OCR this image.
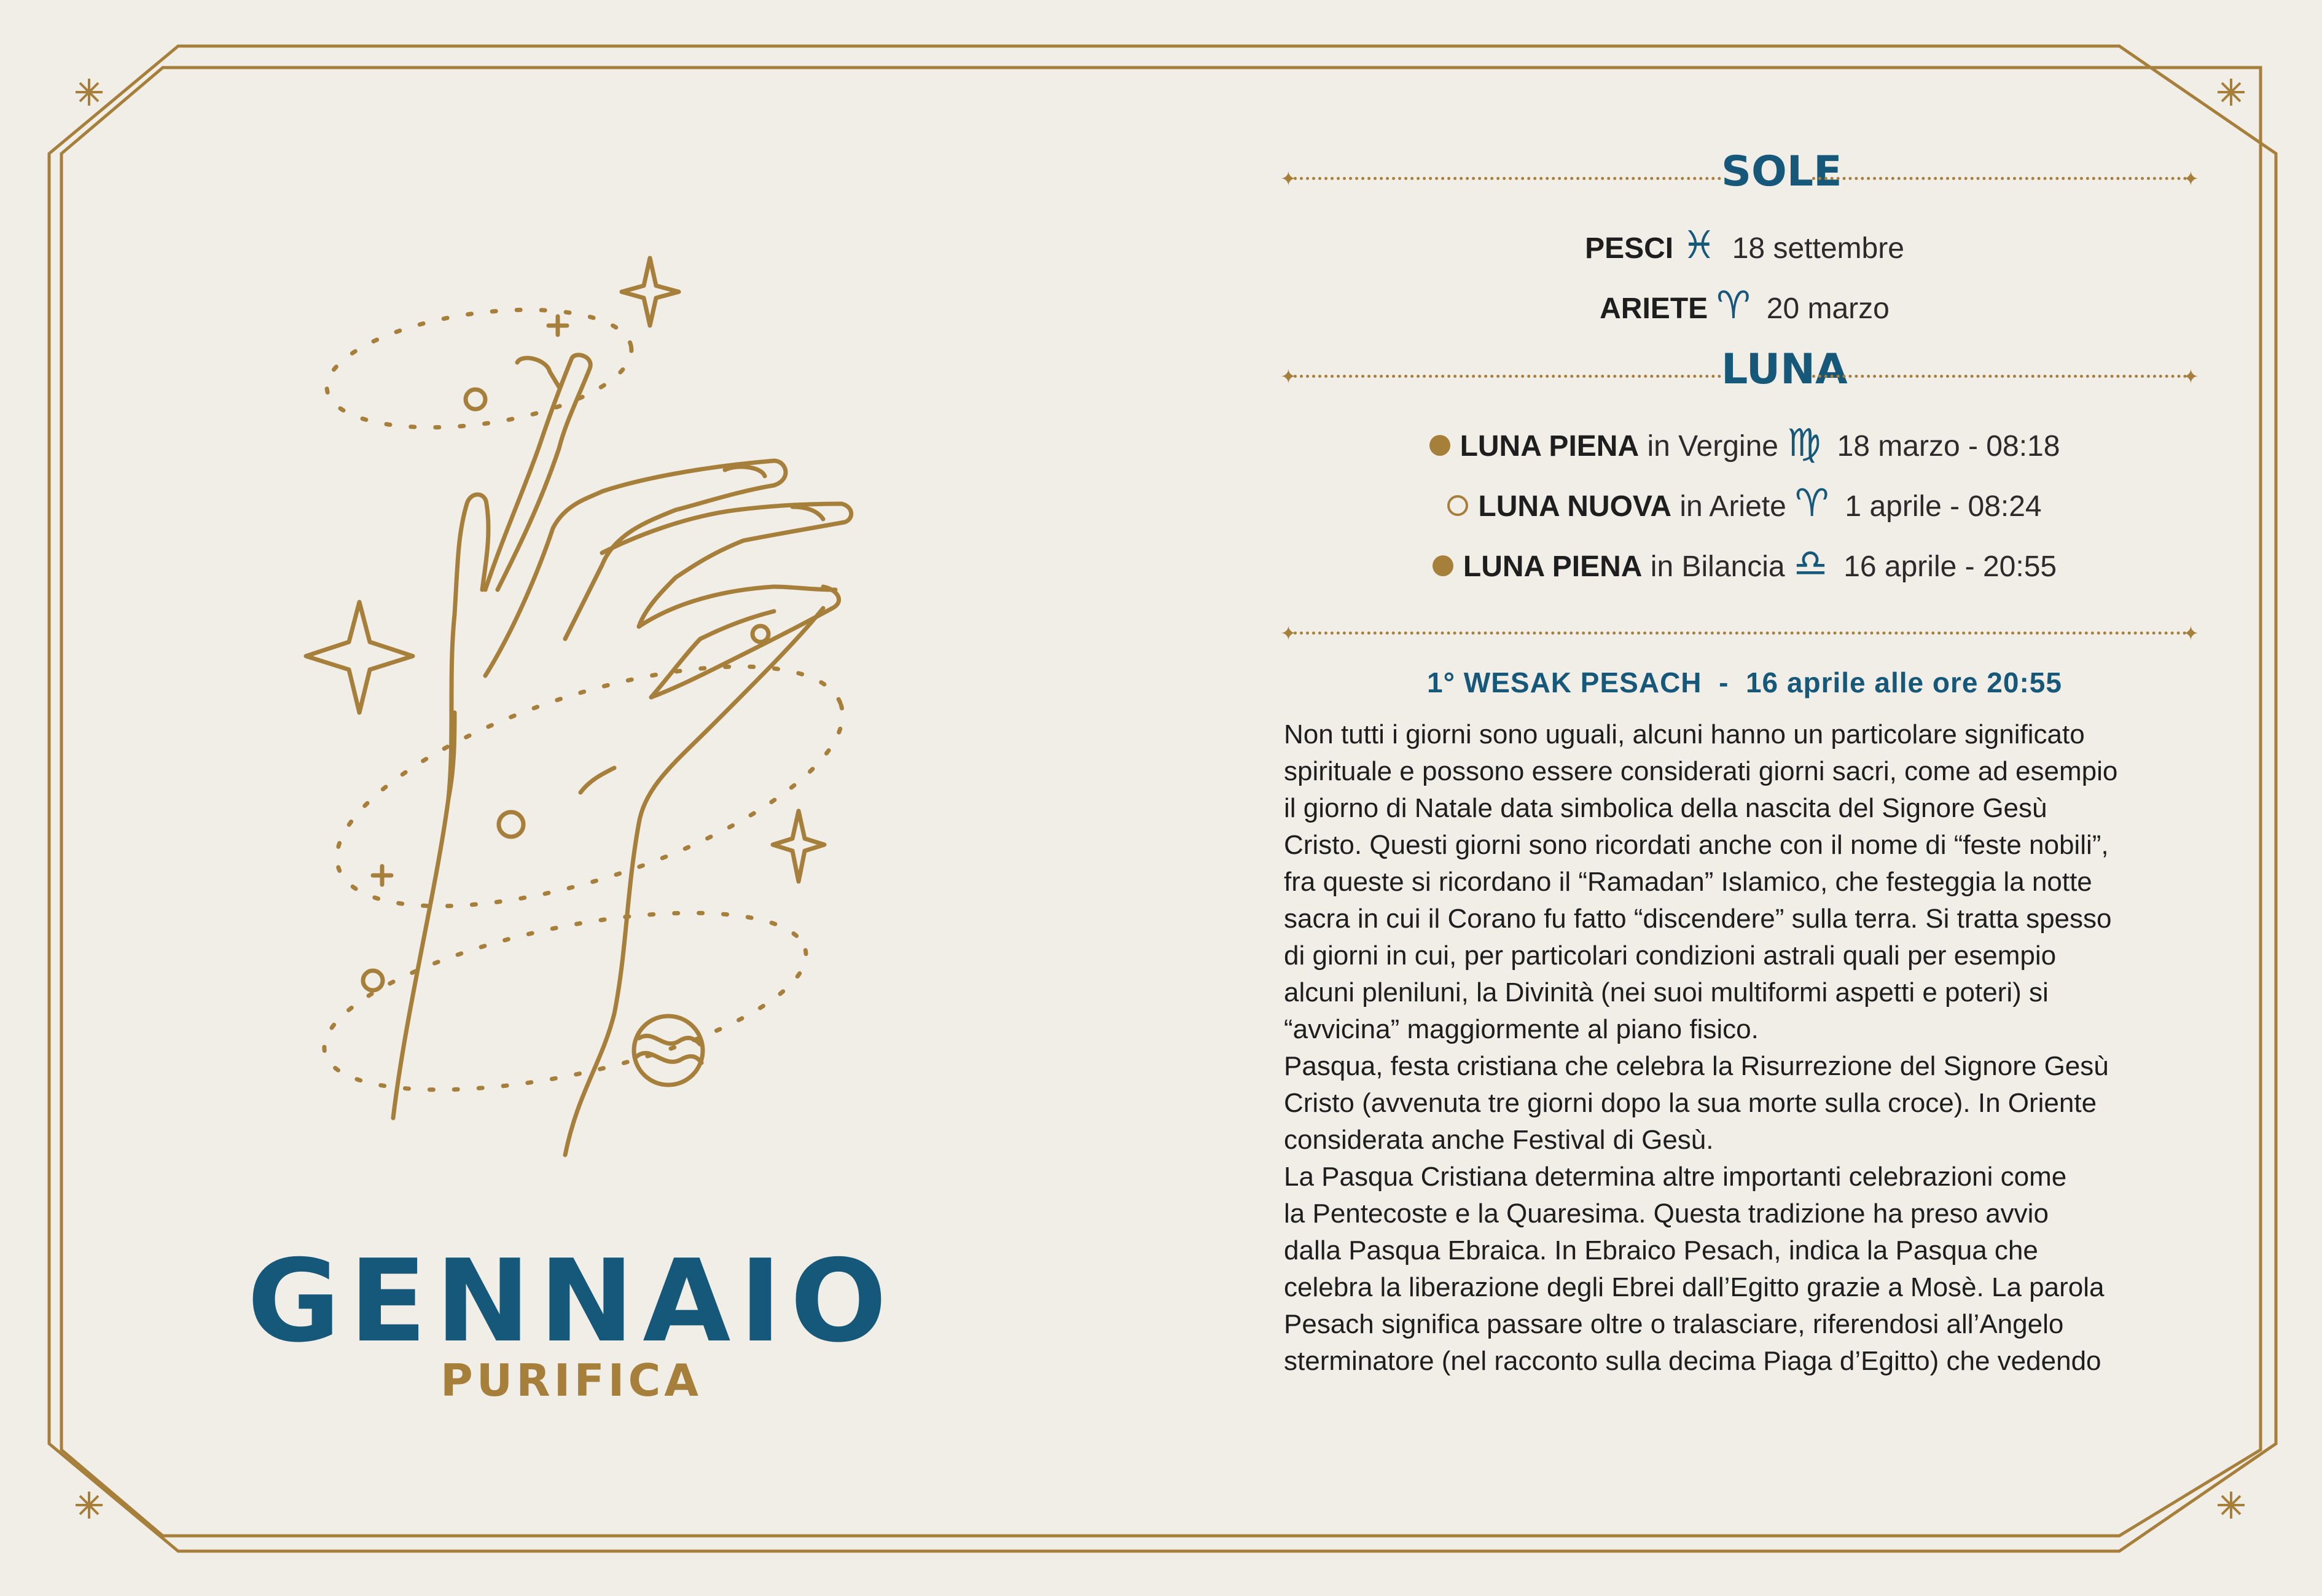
GENNAIO
PURIFICA
✦	SOLE	✦
PESCI ♓ 18 settembre
ARIETE ♈ 20 marzo
✦	LUNA	✦
LUNA PIENA in Vergine ♍ 18 marzo - 08:18
LUNA NUOVA in Ariete ♈ 1 aprile - 08:24
LUNA PIENA in Bilancia ♎ 16 aprile - 20:55
✦	✦
1° WESAK PESACH  -  16 aprile alle ore 20:55
Non tutti i giorni sono uguali, alcuni hanno un particolare significato
spirituale e possono essere considerati giorni sacri, come ad esempio
il giorno di Natale data simbolica della nascita del Signore Gesù
Cristo. Questi giorni sono ricordati anche con il nome di “feste nobili”,
fra queste si ricordano il “Ramadan” Islamico, che festeggia la notte
sacra in cui il Corano fu fatto “discendere” sulla terra. Si tratta spesso
di giorni in cui, per particolari condizioni astrali quali per esempio
alcuni pleniluni, la Divinità (nei suoi multiformi aspetti e poteri) si
“avvicina” maggiormente al piano fisico.
Pasqua, festa cristiana che celebra la Risurrezione del Signore Gesù
Cristo (avvenuta tre giorni dopo la sua morte sulla croce). In Oriente
considerata anche Festival di Gesù.
La Pasqua Cristiana determina altre importanti celebrazioni come
la Pentecoste e la Quaresima. Questa tradizione ha preso avvio
dalla Pasqua Ebraica. In Ebraico Pesach, indica la Pasqua che
celebra la liberazione degli Ebrei dall’Egitto grazie a Mosè. La parola
Pesach significa passare oltre o tralasciare, riferendosi all’Angelo
sterminatore (nel racconto sulla decima Piaga d’Egitto) che vedendo
